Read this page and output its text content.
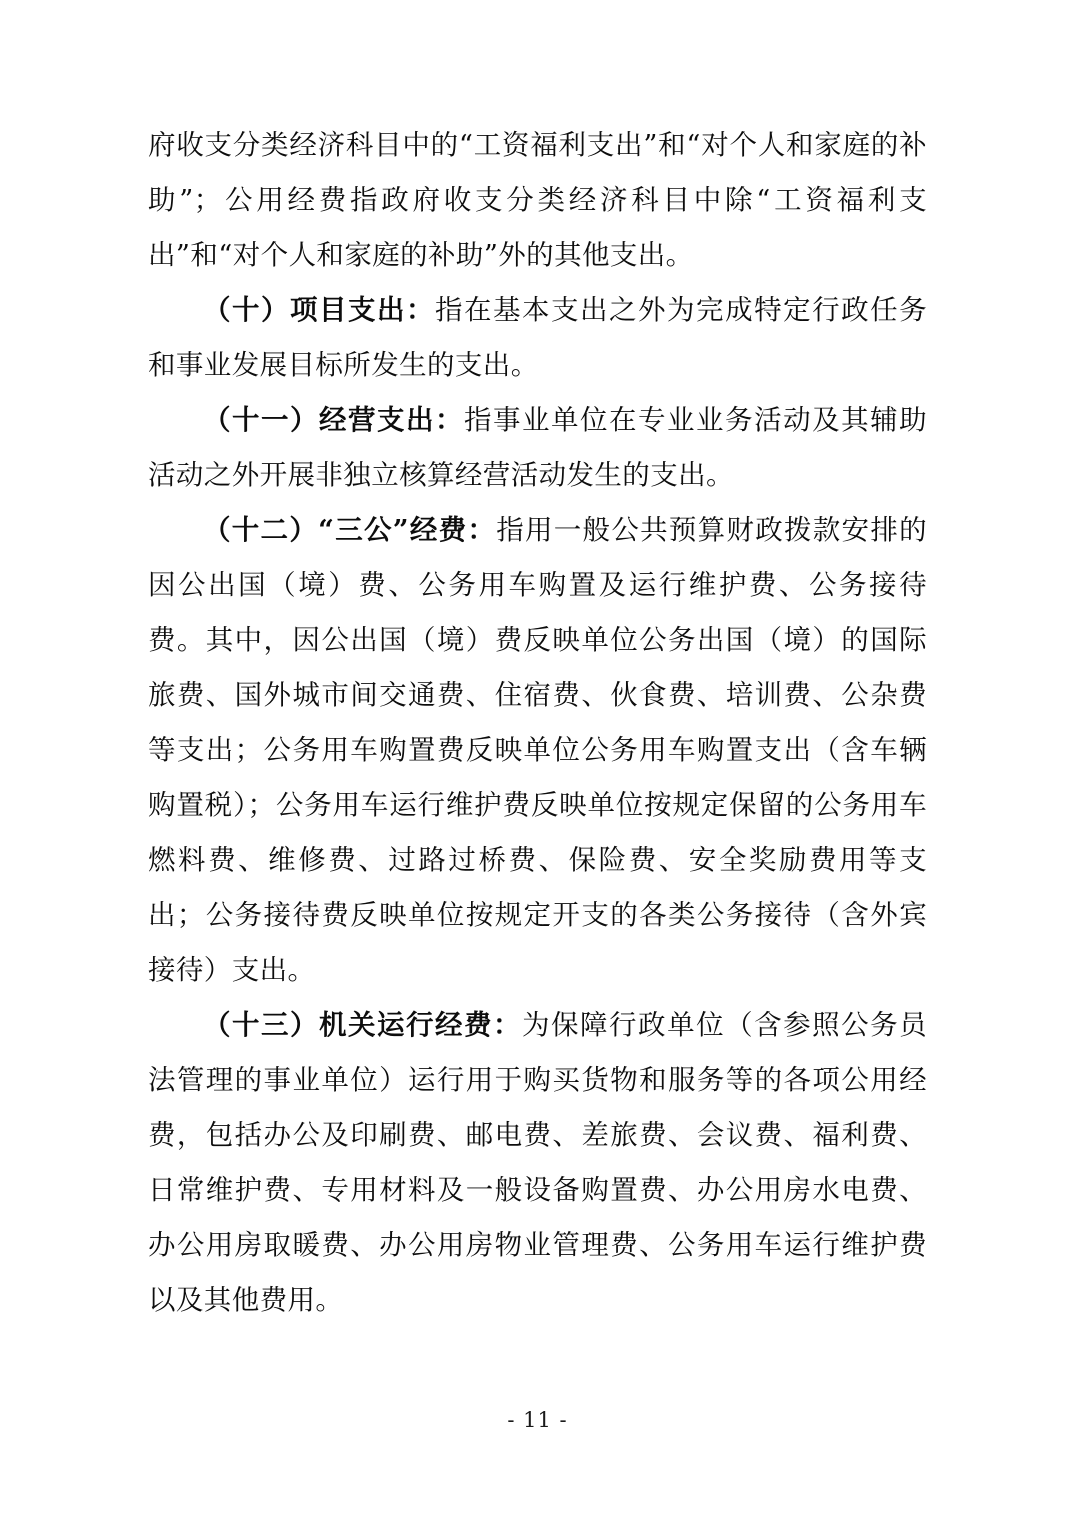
府收支分类经济科目中的“工资福利支出”和“对个人和家庭的补助”；公用经费指政府收支分类经济科目中除“工资福利支出”和“对个人和家庭的补助”外的其他支出。

（十）项目支出：指在基本支出之外为完成特定行政任务和事业发展目标所发生的支出。

（十一）经营支出：指事业单位在专业业务活动及其辅助活动之外开展非独立核算经营活动发生的支出。

（十二）“三公”经费：指用一般公共预算财政拨款安排的因公出国（境）费、公务用车购置及运行维护费、公务接待费。其中，因公出国（境）费反映单位公务出国（境）的国际旅费、国外城市间交通费、住宿费、伙食费、培训费、公杂费等支出；公务用车购置费反映单位公务用车购置支出（含车辆购置税）；公务用车运行维护费反映单位按规定保留的公务用车燃料费、维修费、过路过桥费、保险费、安全奖励费用等支出；公务接待费反映单位按规定开支的各类公务接待（含外宾接待）支出。

（十三）机关运行经费：为保障行政单位（含参照公务员法管理的事业单位）运行用于购买货物和服务等的各项公用经费，包括办公及印刷费、邮电费、差旅费、会议费、福利费、日常维护费、专用材料及一般设备购置费、办公用房水电费、办公用房取暖费、办公用房物业管理费、公务用车运行维护费以及其他费用。

- 11 -
